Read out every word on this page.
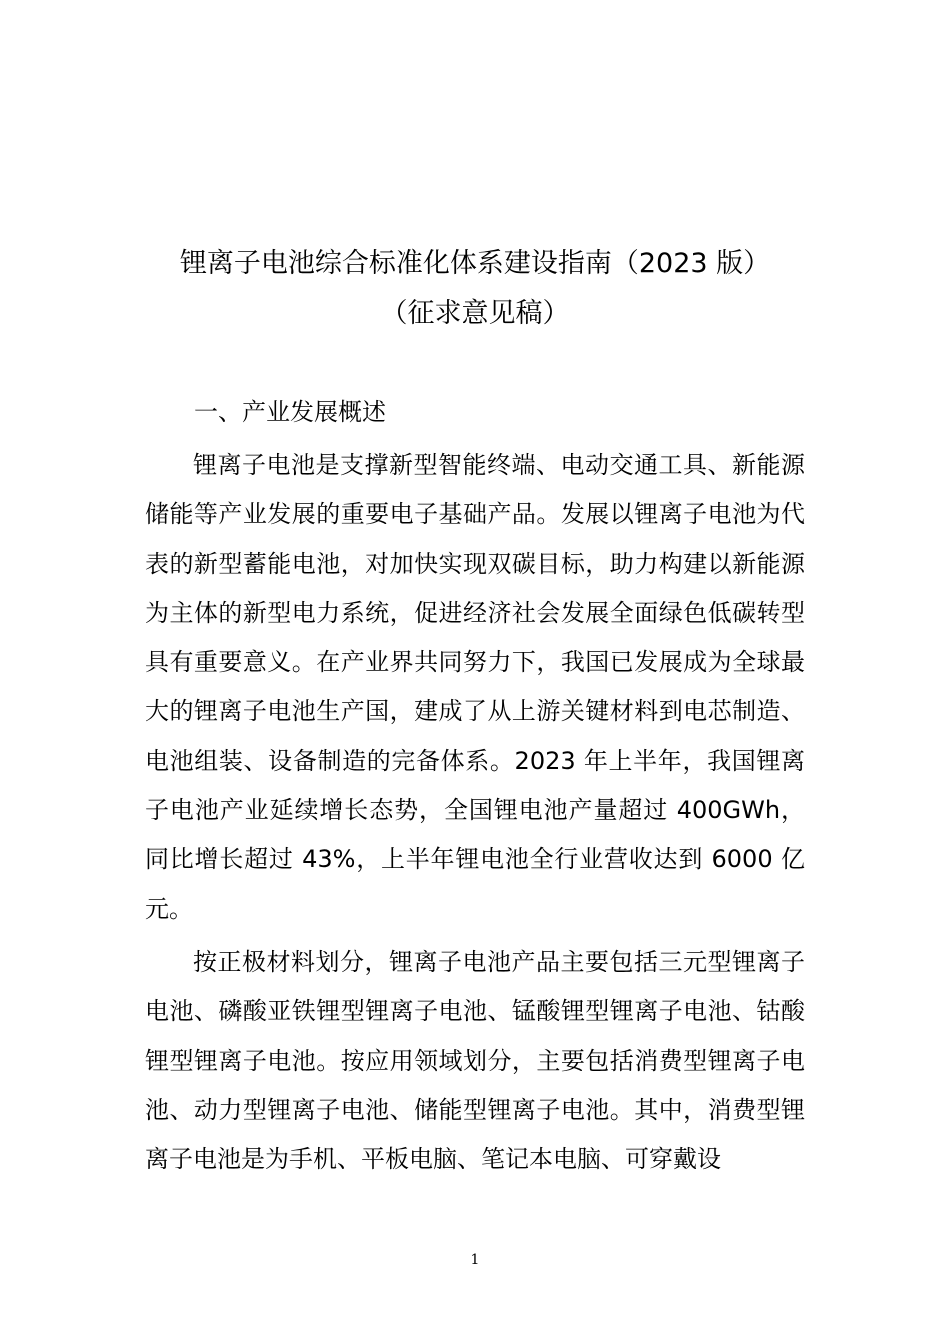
锂离子电池综合标准化体系建设指南（2023 版）
（征求意见稿）
一、产业发展概述

锂离子电池是支撑新型智能终端、电动交通工具、新能源储能等产业发展的重要电子基础产品。发展以锂离子电池为代表的新型蓄能电池，对加快实现双碳目标，助力构建以新能源为主体的新型电力系统，促进经济社会发展全面绿色低碳转型具有重要意义。在产业界共同努力下，我国已发展成为全球最大的锂离子电池生产国，建成了从上游关键材料到电芯制造、电池组装、设备制造的完备体系。2023 年上半年，我国锂离子电池产业延续增长态势，全国锂电池产量超过 400GWh，同比增长超过 43%，上半年锂电池全行业营收达到 6000 亿元。

按正极材料划分，锂离子电池产品主要包括三元型锂离子电池、磷酸亚铁锂型锂离子电池、锰酸锂型锂离子电池、钴酸锂型锂离子电池。按应用领域划分，主要包括消费型锂离子电池、动力型锂离子电池、储能型锂离子电池。其中，消费型锂离子电池是为手机、平板电脑、笔记本电脑、可穿戴设

1
